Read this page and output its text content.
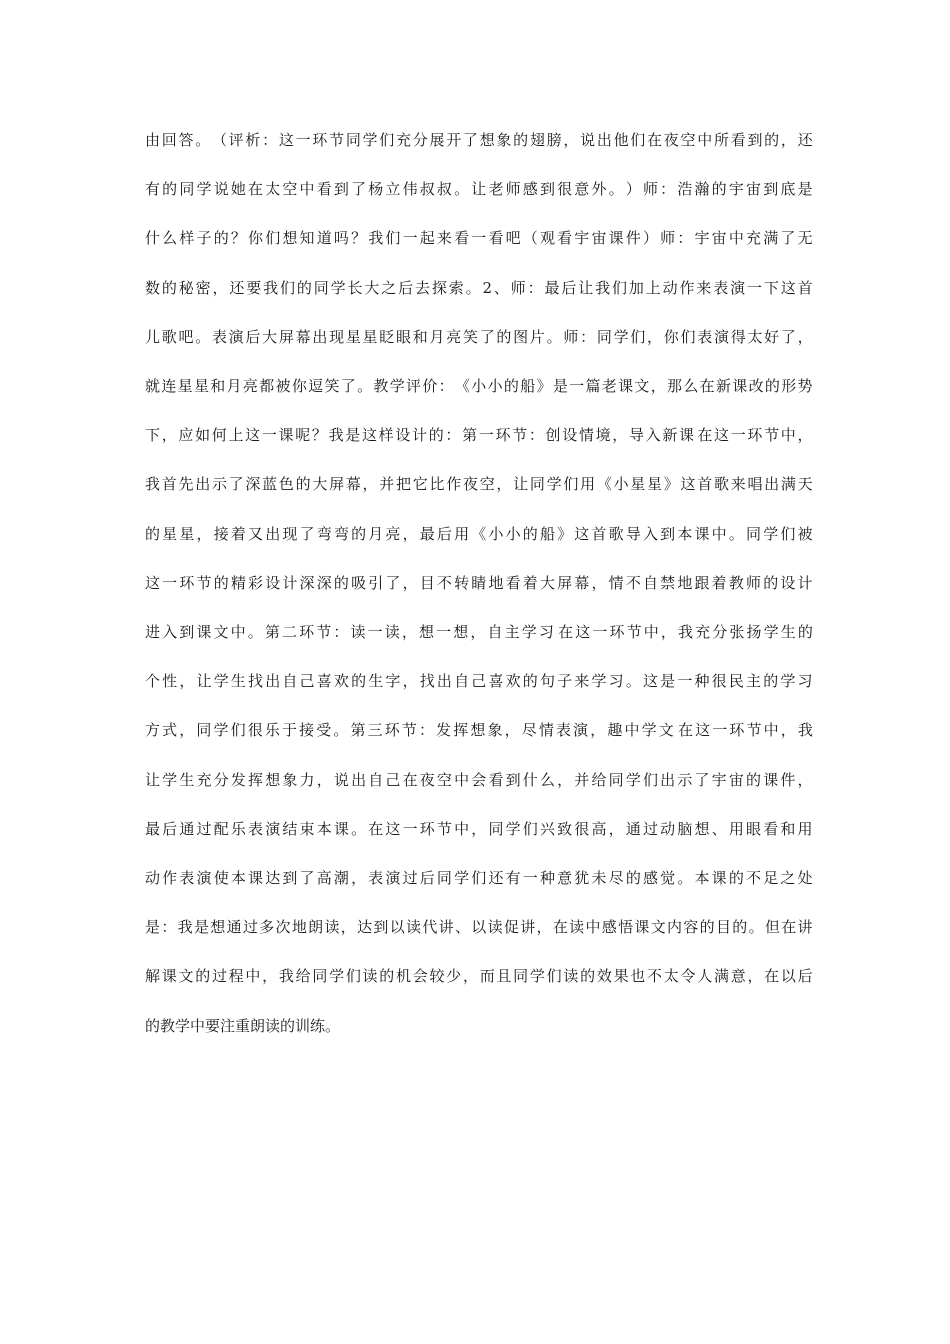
由 回 答 。 （ 评 析 ： 这 一 环 节 同 学 们 充 分 展 开 了 想 象 的 翅 膀 ， 说 出 他 们 在 夜 空 中 所 看 到 的 ， 还
有 的 同 学 说 她 在 太 空 中 看 到 了 杨 立 伟 叔 叔 。 让 老 师 感 到 很 意 外 。 ） 师 ： 浩 瀚 的 宇 宙 到 底 是
什 么 样 子 的 ？ 你 们 想 知 道 吗 ？ 我 们 一 起 来 看 一 看 吧 （ 观 看 宇 宙 课 件 ） 师 ： 宇 宙 中 充 满 了 无
数 的 秘 密 ， 还 要 我 们 的 同 学 长 大 之 后 去 探 索 。 2 、 师 ： 最 后 让 我 们 加 上 动 作 来 表 演 一 下 这 首
儿 歌 吧 。 表 演 后 大 屏 幕 出 现 星 星 眨 眼 和 月 亮 笑 了 的 图 片 。 师 ： 同 学 们 ， 你 们 表 演 得 太 好 了 ，
就 连 星 星 和 月 亮 都 被 你 逗 笑 了 。 教 学 评 价 ： 《 小 小 的 船 》 是 一 篇 老 课 文 ， 那 么 在 新 课 改 的 形 势
下 ， 应 如 何 上 这 一 课 呢 ？ 我 是 这 样 设 计 的 ： 第 一 环 节 ： 创 设 情 境 ， 导 入 新 课 在 这 一 环 节 中 ，
我 首 先 出 示 了 深 蓝 色 的 大 屏 幕 ， 并 把 它 比 作 夜 空 ， 让 同 学 们 用 《 小 星 星 》 这 首 歌 来 唱 出 满 天
的 星 星 ， 接 着 又 出 现 了 弯 弯 的 月 亮 ， 最 后 用 《 小 小 的 船 》 这 首 歌 导 入 到 本 课 中 。 同 学 们 被
这 一 环 节 的 精 彩 设 计 深 深 的 吸 引 了 ， 目 不 转 睛 地 看 着 大 屏 幕 ， 情 不 自 禁 地 跟 着 教 师 的 设 计
进 入 到 课 文 中 。 第 二 环 节 ： 读 一 读 ， 想 一 想 ， 自 主 学 习 在 这 一 环 节 中 ， 我 充 分 张 扬 学 生 的
个 性 ， 让 学 生 找 出 自 己 喜 欢 的 生 字 ， 找 出 自 己 喜 欢 的 句 子 来 学 习 。 这 是 一 种 很 民 主 的 学 习
方 式 ， 同 学 们 很 乐 于 接 受 。 第 三 环 节 ： 发 挥 想 象 ， 尽 情 表 演 ， 趣 中 学 文 在 这 一 环 节 中 ， 我
让 学 生 充 分 发 挥 想 象 力 ， 说 出 自 己 在 夜 空 中 会 看 到 什 么 ， 并 给 同 学 们 出 示 了 宇 宙 的 课 件 ，
最 后 通 过 配 乐 表 演 结 束 本 课 。 在 这 一 环 节 中 ， 同 学 们 兴 致 很 高 ， 通 过 动 脑 想 、 用 眼 看 和 用
动 作 表 演 使 本 课 达 到 了 高 潮 ， 表 演 过 后 同 学 们 还 有 一 种 意 犹 未 尽 的 感 觉 。 本 课 的 不 足 之 处
是 ： 我 是 想 通 过 多 次 地 朗 读 ， 达 到 以 读 代 讲 、 以 读 促 讲 ， 在 读 中 感 悟 课 文 内 容 的 目 的 。 但 在 讲
解 课 文 的 过 程 中 ， 我 给 同 学 们 读 的 机 会 较 少 ， 而 且 同 学 们 读 的 效 果 也 不 太 令 人 满 意 ， 在 以 后
的教学中要注重朗读的训练。
